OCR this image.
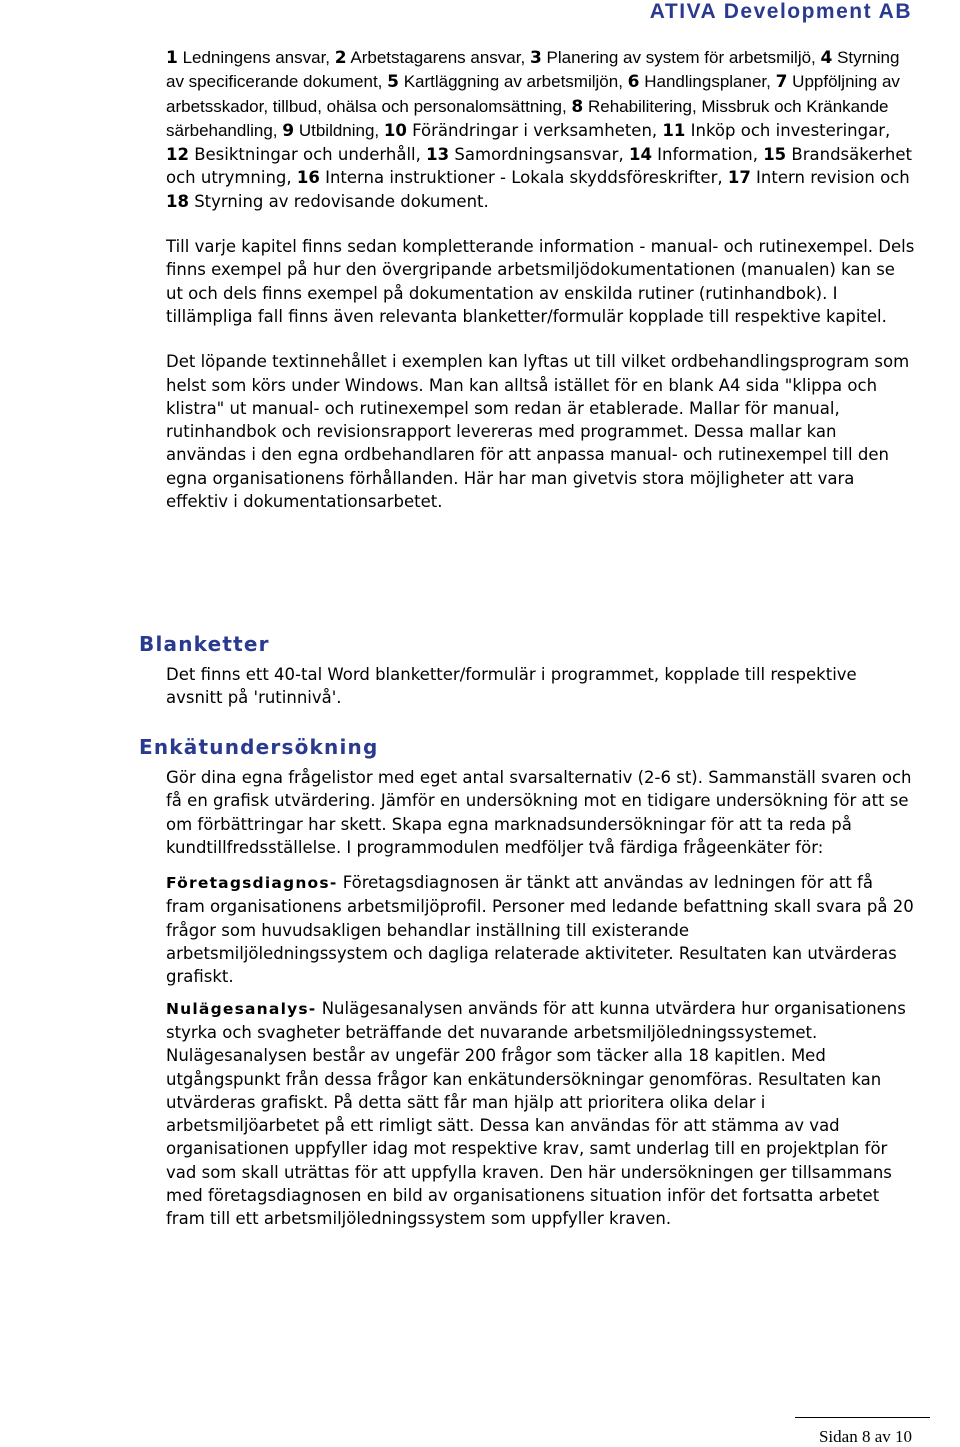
ATIVA Development AB

1 Ledningens ansvar, 2 Arbetstagarens ansvar, 3 Planering av system för arbetsmiljö, 4 Styrning av specificerande dokument, 5 Kartläggning av arbetsmiljön, 6 Handlingsplaner, 7 Uppföljning av arbetsskador, tillbud, ohälsa och personalomsättning, 8 Rehabilitering, Missbruk och Kränkande särbehandling, 9 Utbildning, 10 Förändringar i verksamheten, 11 Inköp och investeringar, 12 Besiktningar och underhåll, 13 Samordningsansvar, 14 Information, 15 Brandsäkerhet och utrymning, 16 Interna instruktioner - Lokala skyddsföreskrifter, 17 Intern revision och 18 Styrning av redovisande dokument.

Till varje kapitel finns sedan kompletterande information - manual- och rutinexempel. Dels finns exempel på hur den övergripande arbetsmiljödokumentationen (manualen) kan se ut och dels finns exempel på dokumentation av enskilda rutiner (rutinhandbok). I tillämpliga fall finns även relevanta blanketter/formulär kopplade till respektive kapitel.

Det löpande textinnehållet i exemplen kan lyftas ut till vilket ordbehandlingsprogram som helst som körs under Windows. Man kan alltså istället för en blank A4 sida "klippa och klistra" ut manual- och rutinexempel som redan är etablerade. Mallar för manual, rutinhandbok och revisionsrapport levereras med programmet. Dessa mallar kan användas i den egna ordbehandlaren för att anpassa manual- och rutinexempel till den egna organisationens förhållanden. Här har man givetvis stora möjligheter att vara effektiv i dokumentationsarbetet.

Blanketter

Det finns ett 40-tal Word blanketter/formulär i programmet, kopplade till respektive avsnitt på 'rutinnivå'.

Enkätundersökning

Gör dina egna frågelistor med eget antal svarsalternativ (2-6 st). Sammanställ svaren och få en grafisk utvärdering. Jämför en undersökning mot en tidigare undersökning för att se om förbättringar har skett. Skapa egna marknadsundersökningar för att ta reda på kundtillfredsställelse. I programmodulen medföljer två färdiga frågeenkäter för:

Företagsdiagnos- Företagsdiagnosen är tänkt att användas av ledningen för att få fram organisationens arbetsmiljöprofil. Personer med ledande befattning skall svara på 20 frågor som huvudsakligen behandlar inställning till existerande arbetsmiljöledningssystem och dagliga relaterade aktiviteter. Resultaten kan utvärderas grafiskt.

Nulägesanalys- Nulägesanalysen används för att kunna utvärdera hur organisationens styrka och svagheter beträffande det nuvarande arbetsmiljöledningssystemet. Nulägesanalysen består av ungefär 200 frågor som täcker alla 18 kapitlen. Med utgångspunkt från dessa frågor kan enkätundersökningar genomföras. Resultaten kan utvärderas grafiskt. På detta sätt får man hjälp att prioritera olika delar i arbetsmiljöarbetet på ett rimligt sätt. Dessa kan användas för att stämma av vad organisationen uppfyller idag mot respektive krav, samt underlag till en projektplan för vad som skall uträttas för att uppfylla kraven. Den här undersökningen ger tillsammans med företagsdiagnosen en bild av organisationens situation inför det fortsatta arbetet fram till ett arbetsmiljöledningssystem som uppfyller kraven.

Sidan 8 av 10
